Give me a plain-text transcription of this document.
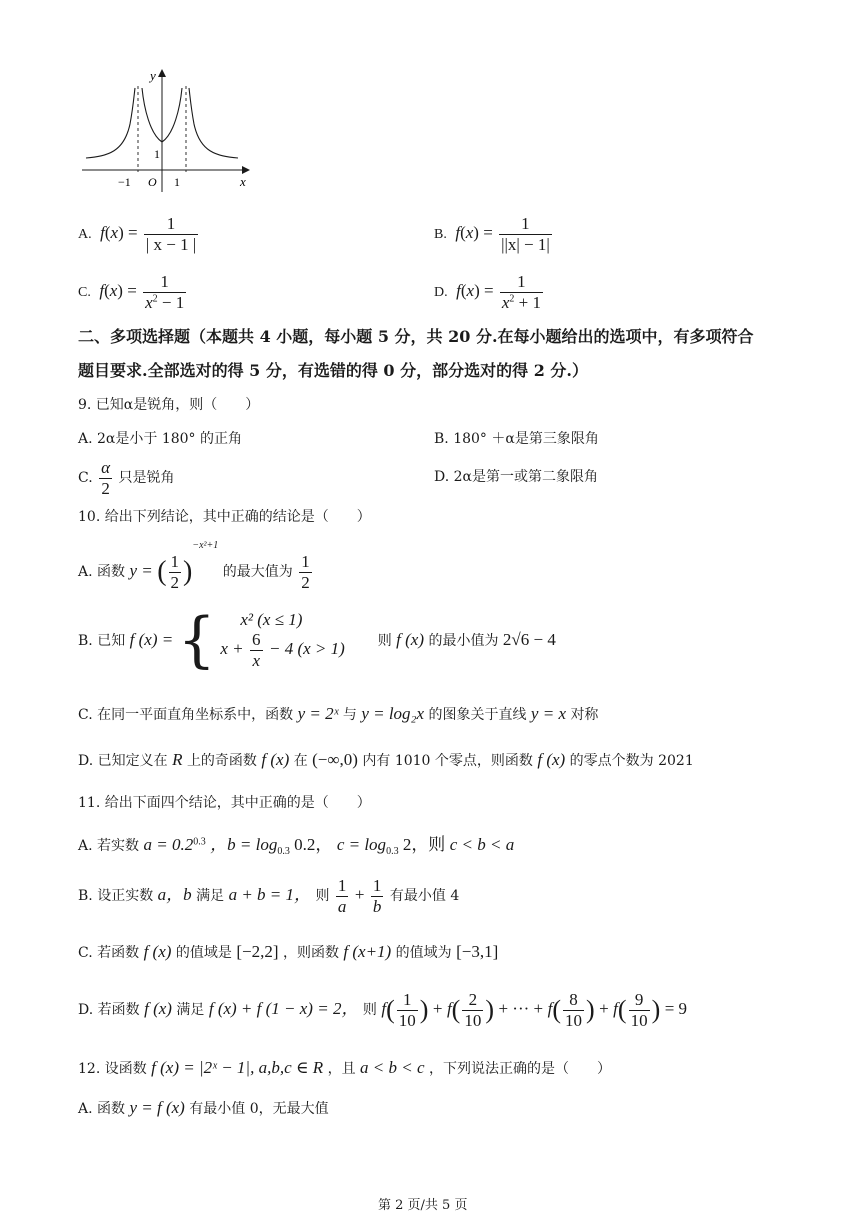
y
x
1
−1 O 1
A. $f(x) = \frac{1}{| x - 1 |}$	B. $f(x) = \frac{1}{||x| - 1|}$
C. $f(x) = \frac{1}{x^2 - 1}$	D. $f(x) = \frac{1}{x^2 + 1}$
二、多项选择题（本题共 4 小题，每小题 5 分，共 20 分.在每小题给出的选项中，有多项符合
题目要求.全部选对的得 5 分，有选错的得 0 分，部分选对的得 2 分.）
9. 已知α是锐角，则（　　）
A. 2α是小于 180° 的正角	B. 180° ＋α是第三象限角
C. $\frac{\alpha}{2}$ 只是锐角	D. 2α是第一或第二象限角
10. 给出下列结论，其中正确的结论是（　　）
A. 函数 y = ( $\frac{1}{2} )^{-x^2+1}$ 的最大值为 $\frac{1}{2}$
B. 已知 f (x) = { x² (x ≤ 1)
$x + \frac{6}{x} - 4$ (x > 1) 则 f (x) 的最小值为 2√6 − 4
C. 在同一平面直角坐标系中，函数 y = 2ˣ 与 y = log₂x 的图象关于直线 y = x 对称
D. 已知定义在 R 上的奇函数 f (x) 在 (−∞,0) 内有 1010 个零点，则函数 f (x) 的零点个数为 2021
11. 给出下面四个结论，其中正确的是（　　）
A. 若实数 $a = 0.2^{0.3}$ ，$b = \log_{0.3} 0.2$， $c = \log_{0.3} 2$，则 c < b < a
B. 设正实数 a，b 满足 a + b = 1， 则 $\frac{1}{a} + \frac{1}{b}$ 有最小值 4
C. 若函数 f (x) 的值域是 [−2,2] ，则函数 f (x+1) 的值域为 [−3,1]
D. 若函数 f (x) 满足 f (x) + f (1 − x) = 2， 则 $f( \frac{1}{10}$ ) + $f( \frac{2}{10}$ ) + ··· + $f( \frac{8}{10}$ ) + $f( \frac{9}{10}$ ) = 9
12. 设函数 f (x) = |2ˣ − 1|, a,b,c ∈ R ，且 a < b < c ，下列说法正确的是（　　）
A. 函数 y = f (x) 有最小值 0，无最大值
第 2 页/共 5 页
